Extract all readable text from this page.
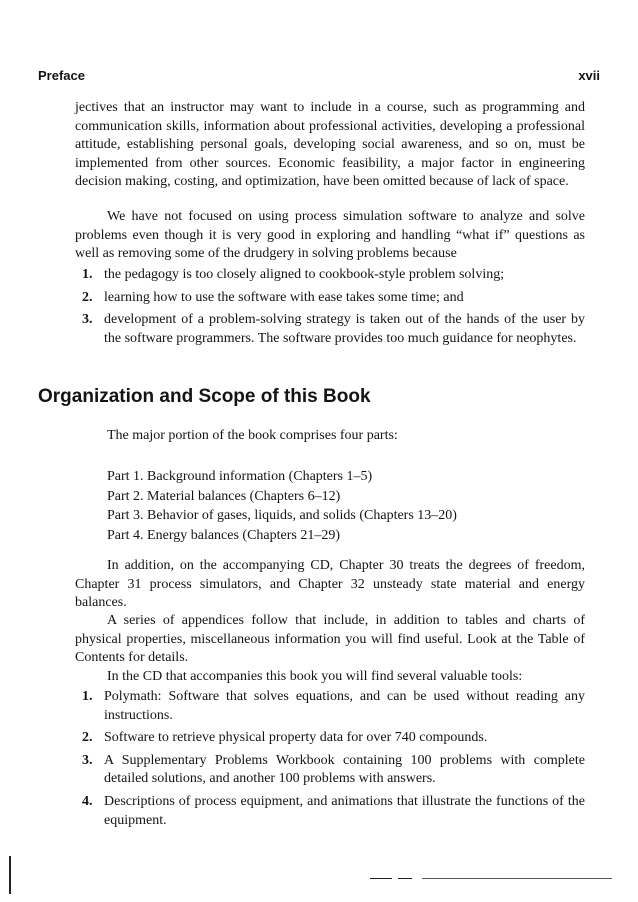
Preface	xvii

jectives that an instructor may want to include in a course, such as programming and communication skills, information about professional activities, developing a professional attitude, establishing personal goals, developing social awareness, and so on, must be implemented from other sources. Economic feasibility, a major factor in engineering decision making, costing, and optimization, have been omitted because of lack of space.

We have not focused on using process simulation software to analyze and solve problems even though it is very good in exploring and handling “what if” questions as well as removing some of the drudgery in solving problems because

1. the pedagogy is too closely aligned to cookbook-style problem solving;
2. learning how to use the software with ease takes some time; and
3. development of a problem-solving strategy is taken out of the hands of the user by the software programmers. The software provides too much guidance for neophytes.
Organization and Scope of this Book

The major portion of the book comprises four parts:

Part 1. Background information (Chapters 1–5)
Part 2. Material balances (Chapters 6–12)
Part 3. Behavior of gases, liquids, and solids (Chapters 13–20)
Part 4. Energy balances (Chapters 21–29)

In addition, on the accompanying CD, Chapter 30 treats the degrees of freedom, Chapter 31 process simulators, and Chapter 32 unsteady state material and energy balances.

A series of appendices follow that include, in addition to tables and charts of physical properties, miscellaneous information you will find useful. Look at the Table of Contents for details.

In the CD that accompanies this book you will find several valuable tools:

1. Polymath: Software that solves equations, and can be used without reading any instructions.
2. Software to retrieve physical property data for over 740 compounds.
3. A Supplementary Problems Workbook containing 100 problems with complete detailed solutions, and another 100 problems with answers.
4. Descriptions of process equipment, and animations that illustrate the functions of the equipment.
